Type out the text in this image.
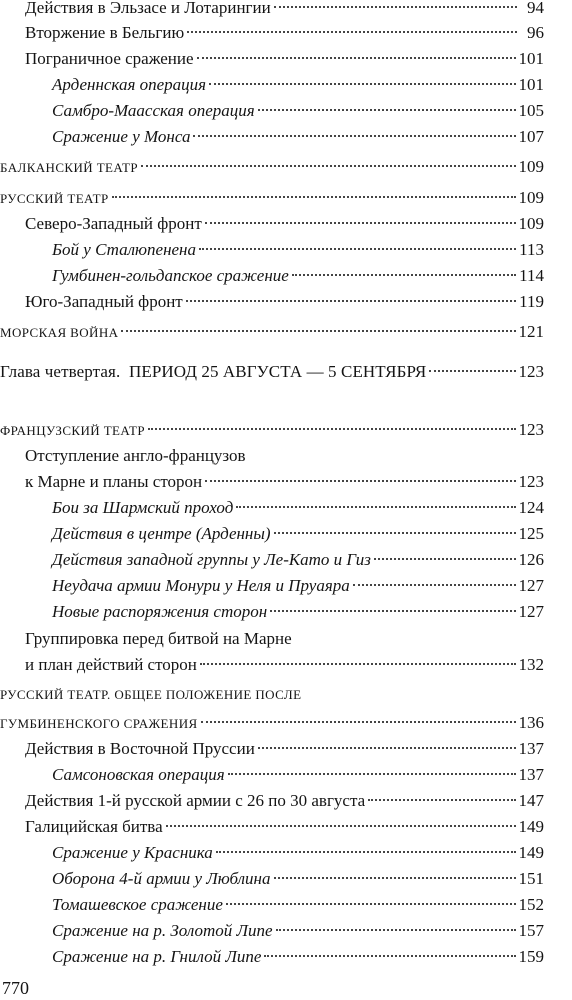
Действия в Эльзасе и Лотарингии	94
Вторжение в Бельгию	96
Пограничное сражение	101
Арденнская операция	101
Самбро-Маасская операция	105
Сражение у Монса	107
БАЛКАНСКИЙ ТЕАТР	109
РУССКИЙ ТЕАТР	109
Северо-Западный фронт	109
Бой у Сталюпенена	113
Гумбинен-гольдапское сражение	114
Юго-Западный фронт	119
МОРСКАЯ ВОЙНА	121
Глава четвертая.  ПЕРИОД 25 АВГУСТА — 5 СЕНТЯБРЯ	123
ФРАНЦУЗСКИЙ ТЕАТР	123
Отступление англо-французов
к Марне и планы сторон	123
Бои за Шармский проход	124
Действия в центре (Арденны)	125
Действия западной группы у Ле-Като и Гиз	126
Неудача армии Монури у Неля и Пруаяра	127
Новые распоряжения сторон	127
Группировка перед битвой на Марне
и план действий сторон	132
РУССКИЙ ТЕАТР. ОБЩЕЕ ПОЛОЖЕНИЕ ПОСЛЕ
ГУМБИНЕНСКОГО СРАЖЕНИЯ	136
Действия в Восточной Пруссии	137
Самсоновская операция	137
Действия 1-й русской армии с 26 по 30 августа	147
Галицийская битва	149
Сражение у Красника	149
Оборона 4-й армии у Люблина	151
Томашевское сражение	152
Сражение на р. Золотой Липе	157
Сражение на р. Гнилой Липе	159
770
